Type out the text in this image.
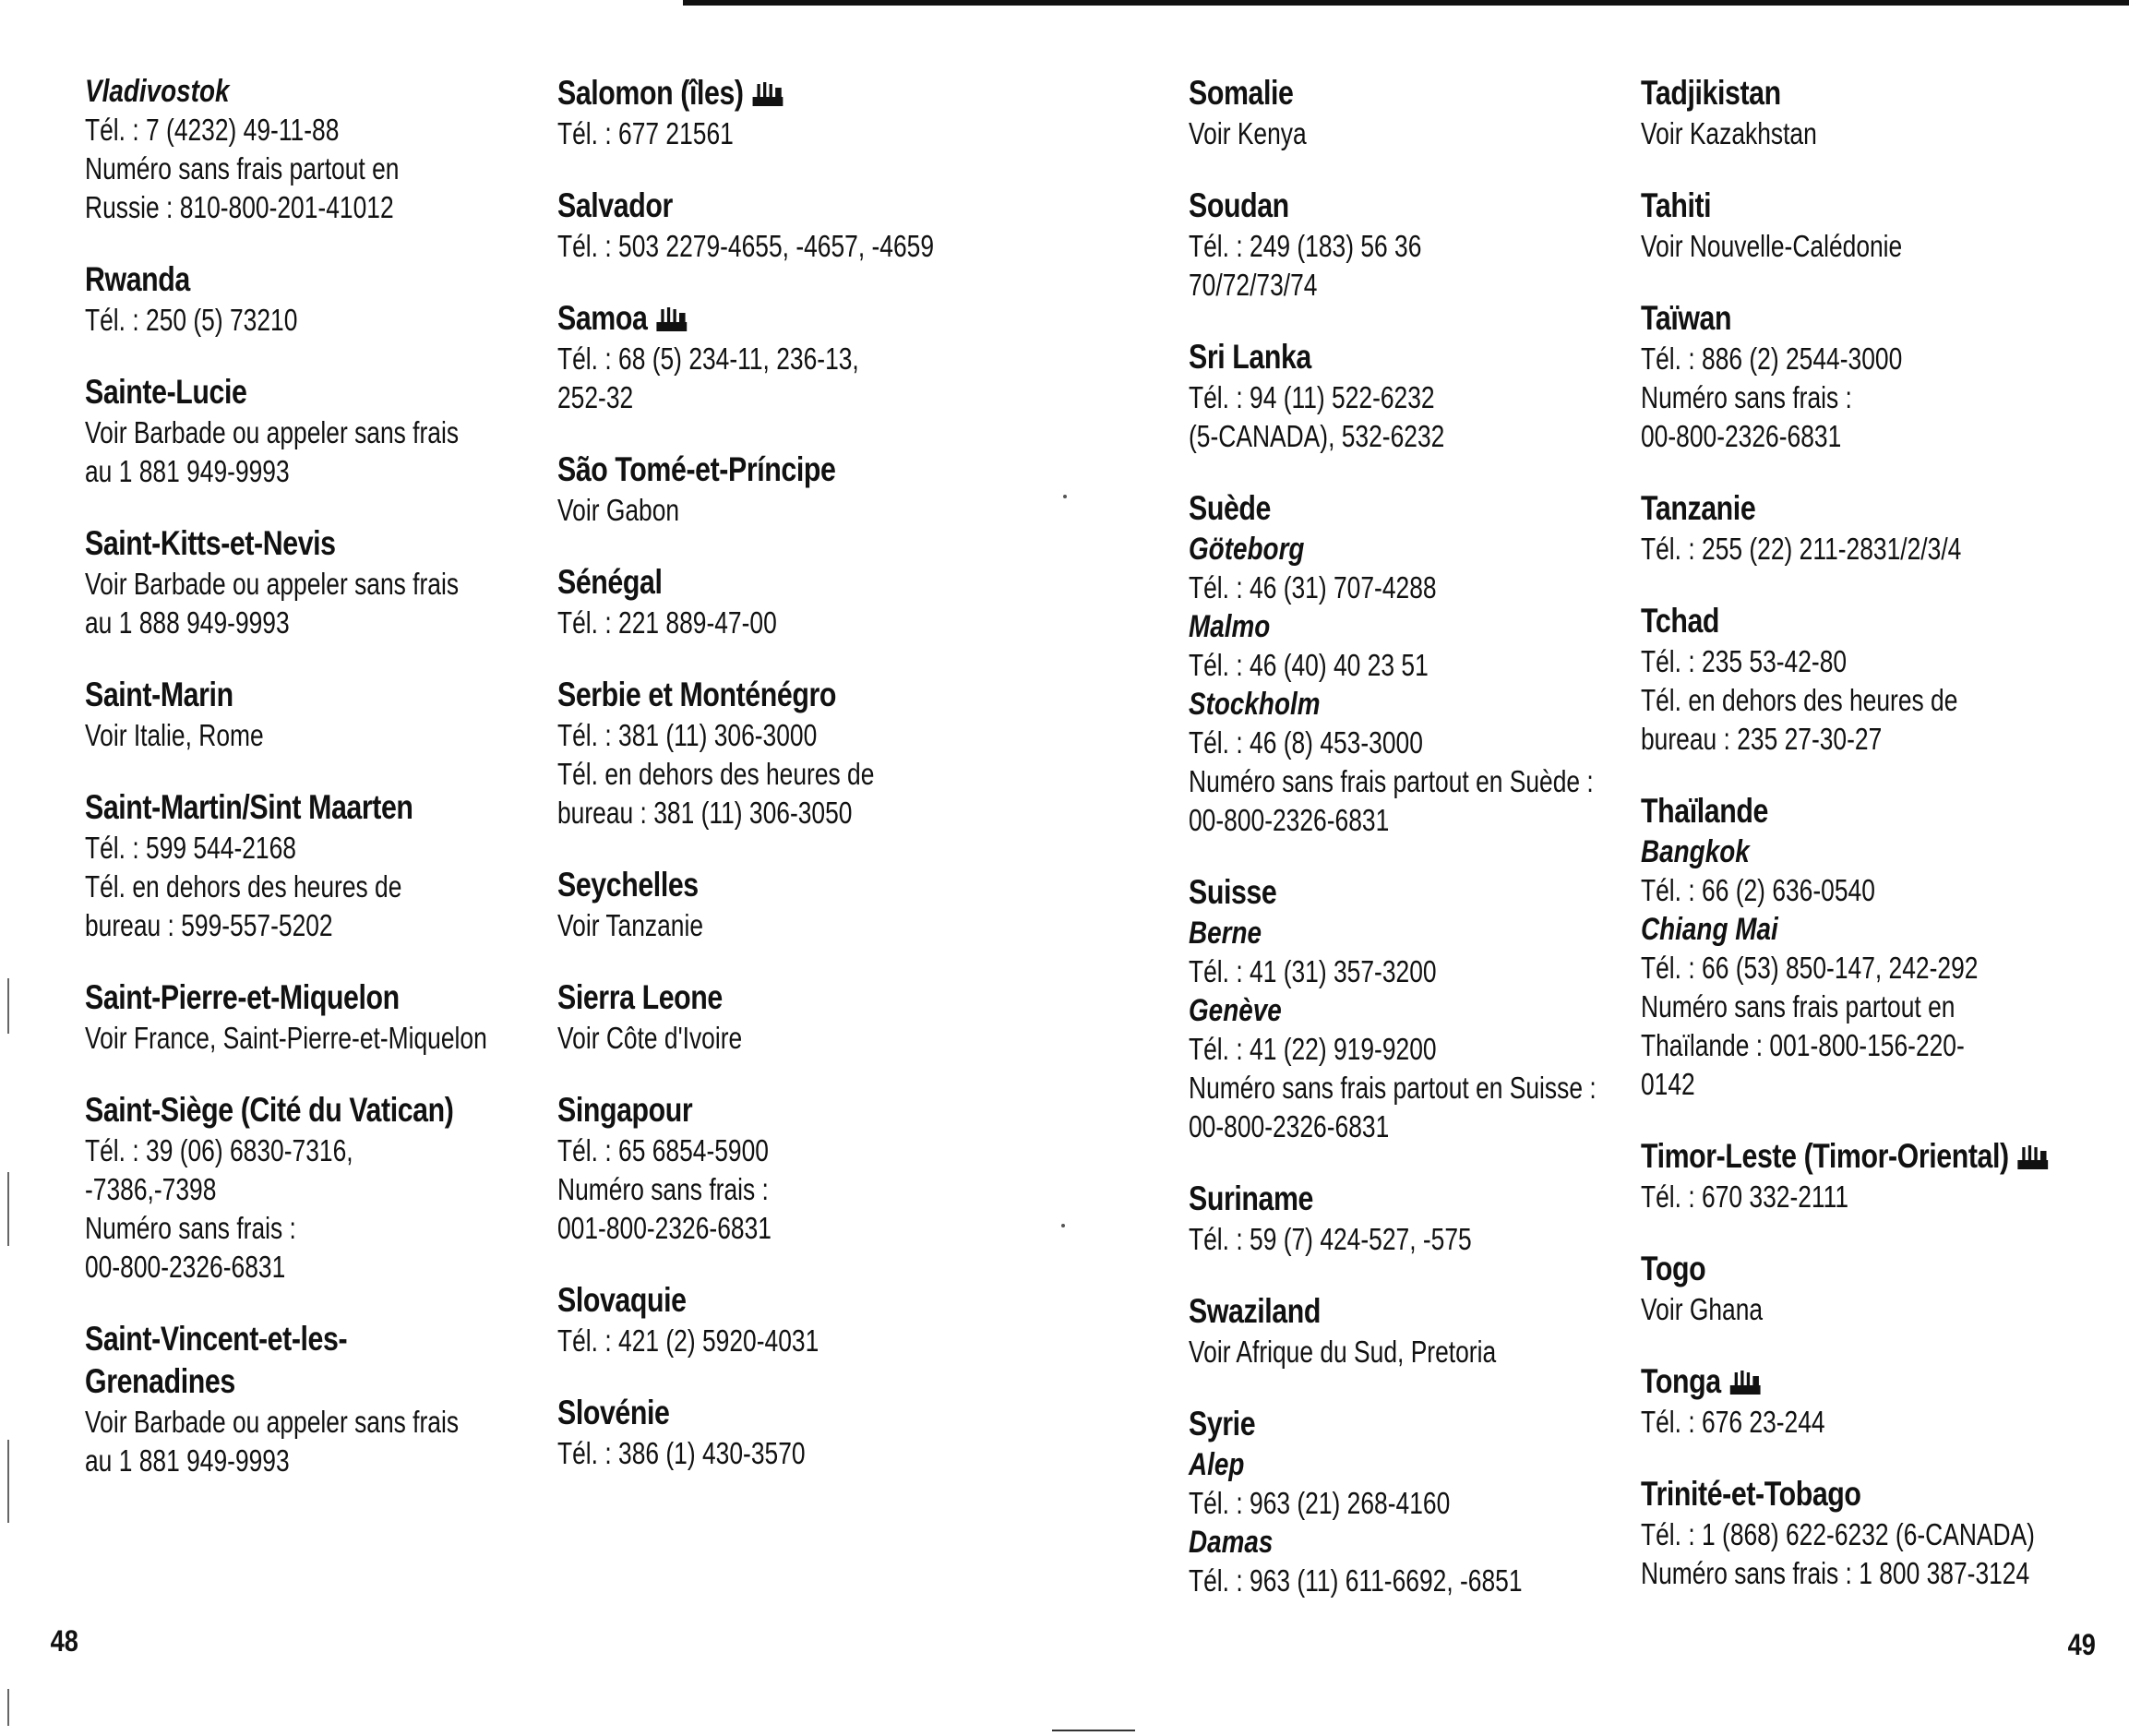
Vladivostok
Tél. : 7 (4232) 49-11-88
Numéro sans frais partout en
Russie : 810-800-201-41012
Rwanda
Tél. : 250 (5) 73210
Sainte-Lucie
Voir Barbade ou appeler sans frais
au 1 881 949-9993
Saint-Kitts-et-Nevis
Voir Barbade ou appeler sans frais
au 1 888 949-9993
Saint-Marin
Voir Italie, Rome
Saint-Martin/Sint Maarten
Tél. : 599 544-2168
Tél. en dehors des heures de
bureau : 599-557-5202
Saint-Pierre-et-Miquelon
Voir France, Saint-Pierre-et-Miquelon
Saint-Siège (Cité du Vatican)
Tél. : 39 (06) 6830-7316,
-7386,-7398
Numéro sans frais :
00-800-2326-6831
Saint-Vincent-et-les-
Grenadines
Voir Barbade ou appeler sans frais
au 1 881 949-9993
Salomon (îles)
Tél. : 677 21561
Salvador
Tél. : 503 2279-4655, -4657, -4659
Samoa
Tél. : 68 (5) 234-11, 236-13,
252-32
São Tomé-et-Príncipe
Voir Gabon
Sénégal
Tél. : 221 889-47-00
Serbie et Monténégro
Tél. : 381 (11) 306-3000
Tél. en dehors des heures de
bureau : 381 (11) 306-3050
Seychelles
Voir Tanzanie
Sierra Leone
Voir Côte d'Ivoire
Singapour
Tél. : 65 6854-5900
Numéro sans frais :
001-800-2326-6831
Slovaquie
Tél. : 421 (2) 5920-4031
Slovénie
Tél. : 386 (1) 430-3570
Somalie
Voir Kenya
Soudan
Tél. : 249 (183) 56 36
70/72/73/74
Sri Lanka
Tél. : 94 (11) 522-6232
(5-CANADA), 532-6232
Suède
Göteborg
Tél. : 46 (31) 707-4288
Malmo
Tél. : 46 (40) 40 23 51
Stockholm
Tél. : 46 (8) 453-3000
Numéro sans frais partout en Suède :
00-800-2326-6831
Suisse
Berne
Tél. : 41 (31) 357-3200
Genève
Tél. : 41 (22) 919-9200
Numéro sans frais partout en Suisse :
00-800-2326-6831
Suriname
Tél. : 59 (7) 424-527, -575
Swaziland
Voir Afrique du Sud, Pretoria
Syrie
Alep
Tél. : 963 (21) 268-4160
Damas
Tél. : 963 (11) 611-6692, -6851
Tadjikistan
Voir Kazakhstan
Tahiti
Voir Nouvelle-Calédonie
Taïwan
Tél. : 886 (2) 2544-3000
Numéro sans frais :
00-800-2326-6831
Tanzanie
Tél. : 255 (22) 211-2831/2/3/4
Tchad
Tél. : 235 53-42-80
Tél. en dehors des heures de
bureau : 235 27-30-27
Thaïlande
Bangkok
Tél. : 66 (2) 636-0540
Chiang Mai
Tél. : 66 (53) 850-147, 242-292
Numéro sans frais partout en
Thaïlande : 001-800-156-220-
0142
Timor-Leste (Timor-Oriental)
Tél. : 670 332-2111
Togo
Voir Ghana
Tonga
Tél. : 676 23-244
Trinité-et-Tobago
Tél. : 1 (868) 622-6232 (6-CANADA)
Numéro sans frais : 1 800 387-3124
48	49
